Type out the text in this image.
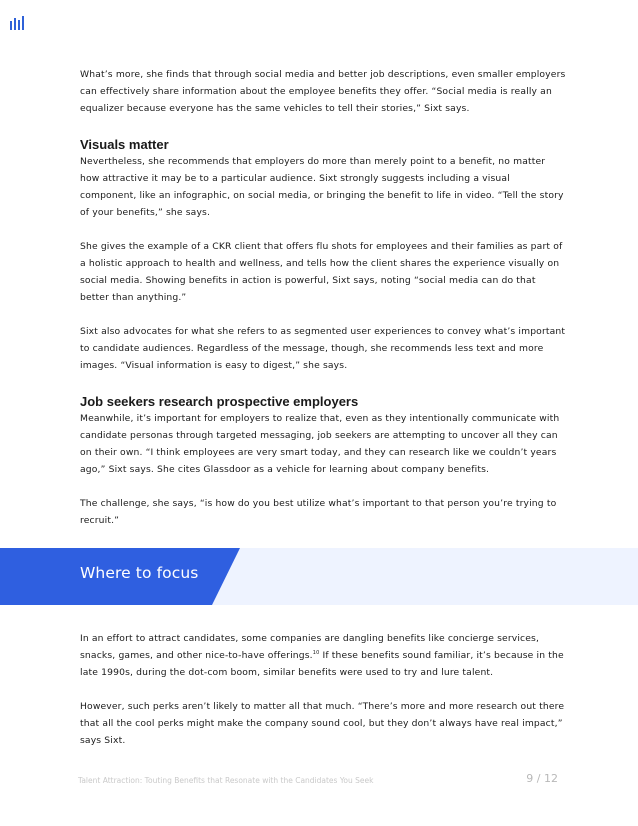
What’s more, she finds that through social media and better job descriptions, even smaller employers can effectively share information about the employee benefits they offer. “Social media is really an equalizer because everyone has the same vehicles to tell their stories,” Sixt says.

Visuals matter

Nevertheless, she recommends that employers do more than merely point to a benefit, no matter how attractive it may be to a particular audience. Sixt strongly suggests including a visual component, like an infographic, on social media, or bringing the benefit to life in video. “Tell the story of your benefits,” she says.

She gives the example of a CKR client that offers flu shots for employees and their families as part of a holistic approach to health and wellness, and tells how the client shares the experience visually on social media. Showing benefits in action is powerful, Sixt says, noting “social media can do that better than anything.”

Sixt also advocates for what she refers to as segmented user experiences to convey what’s important to candidate audiences. Regardless of the message, though, she recommends less text and more images. “Visual information is easy to digest,” she says.

Job seekers research prospective employers

Meanwhile, it’s important for employers to realize that, even as they intentionally communicate with candidate personas through targeted messaging, job seekers are attempting to uncover all they can on their own. “I think employees are very smart today, and they can research like we couldn’t years ago,” Sixt says. She cites Glassdoor as a vehicle for learning about company benefits.

The challenge, she says, “is how do you best utilize what’s important to that person you’re trying to recruit.”

Where to focus

In an effort to attract candidates, some companies are dangling benefits like concierge services, snacks, games, and other nice-to-have offerings.$^{10}$ If these benefits sound familiar, it’s because in the late 1990s, during the dot-com boom, similar benefits were used to try and lure talent.

However, such perks aren’t likely to matter all that much. “There’s more and more research out there that all the cool perks might make the company sound cool, but they don’t always have real impact,” says Sixt.

Talent Attraction: Touting Benefits that Resonate with the Candidates You Seek	9 / 12
